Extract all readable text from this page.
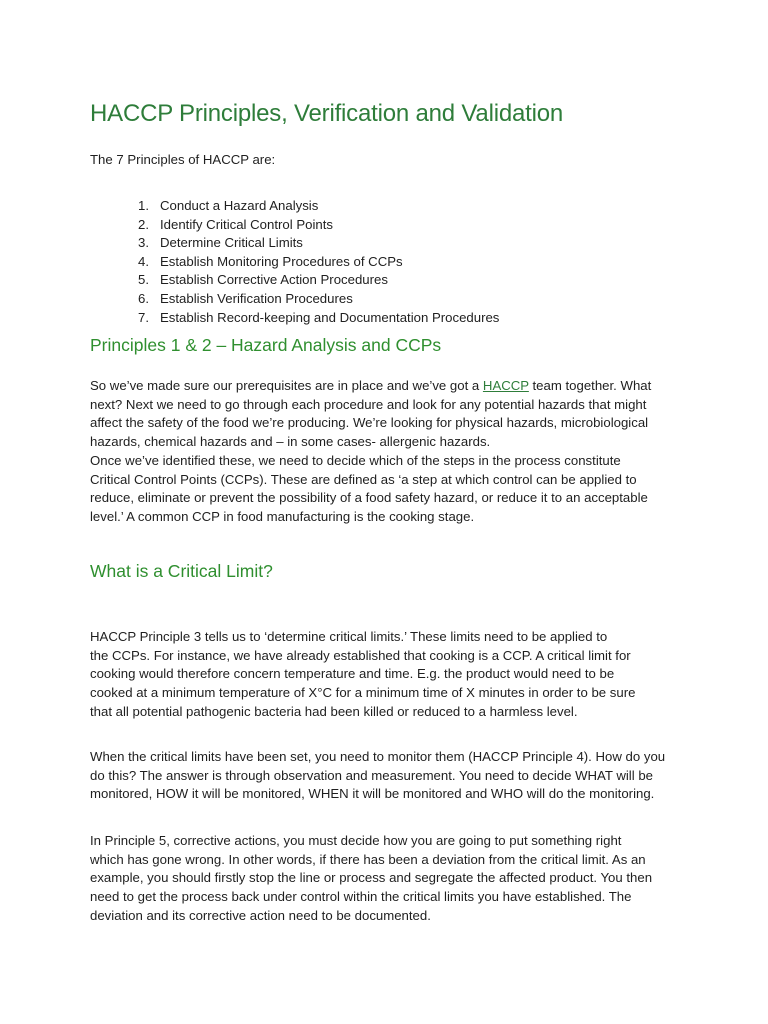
HACCP Principles, Verification and Validation

The 7 Principles of HACCP are:

1. Conduct a Hazard Analysis
2. Identify Critical Control Points
3. Determine Critical Limits
4. Establish Monitoring Procedures of CCPs
5. Establish Corrective Action Procedures
6. Establish Verification Procedures
7. Establish Record-keeping and Documentation Procedures
Principles 1 & 2 – Hazard Analysis and CCPs

So we’ve made sure our prerequisites are in place and we’ve got a HACCP team together. What
next? Next we need to go through each procedure and look for any potential hazards that might
affect the safety of the food we’re producing. We’re looking for physical hazards, microbiological
hazards, chemical hazards and – in some cases- allergenic hazards.
Once we’ve identified these, we need to decide which of the steps in the process constitute
Critical Control Points (CCPs). These are defined as ‘a step at which control can be applied to
reduce, eliminate or prevent the possibility of a food safety hazard, or reduce it to an acceptable
level.’ A common CCP in food manufacturing is the cooking stage.

What is a Critical Limit?

HACCP Principle 3 tells us to ‘determine critical limits.’ These limits need to be applied to
the CCPs. For instance, we have already established that cooking is a CCP. A critical limit for
cooking would therefore concern temperature and time. E.g. the product would need to be
cooked at a minimum temperature of X°C for a minimum time of X minutes in order to be sure
that all potential pathogenic bacteria had been killed or reduced to a harmless level.

When the critical limits have been set, you need to monitor them (HACCP Principle 4). How do you
do this? The answer is through observation and measurement. You need to decide WHAT will be
monitored, HOW it will be monitored, WHEN it will be monitored and WHO will do the monitoring.

In Principle 5, corrective actions, you must decide how you are going to put something right
which has gone wrong. In other words, if there has been a deviation from the critical limit. As an
example, you should firstly stop the line or process and segregate the affected product. You then
need to get the process back under control within the critical limits you have established. The
deviation and its corrective action need to be documented.
